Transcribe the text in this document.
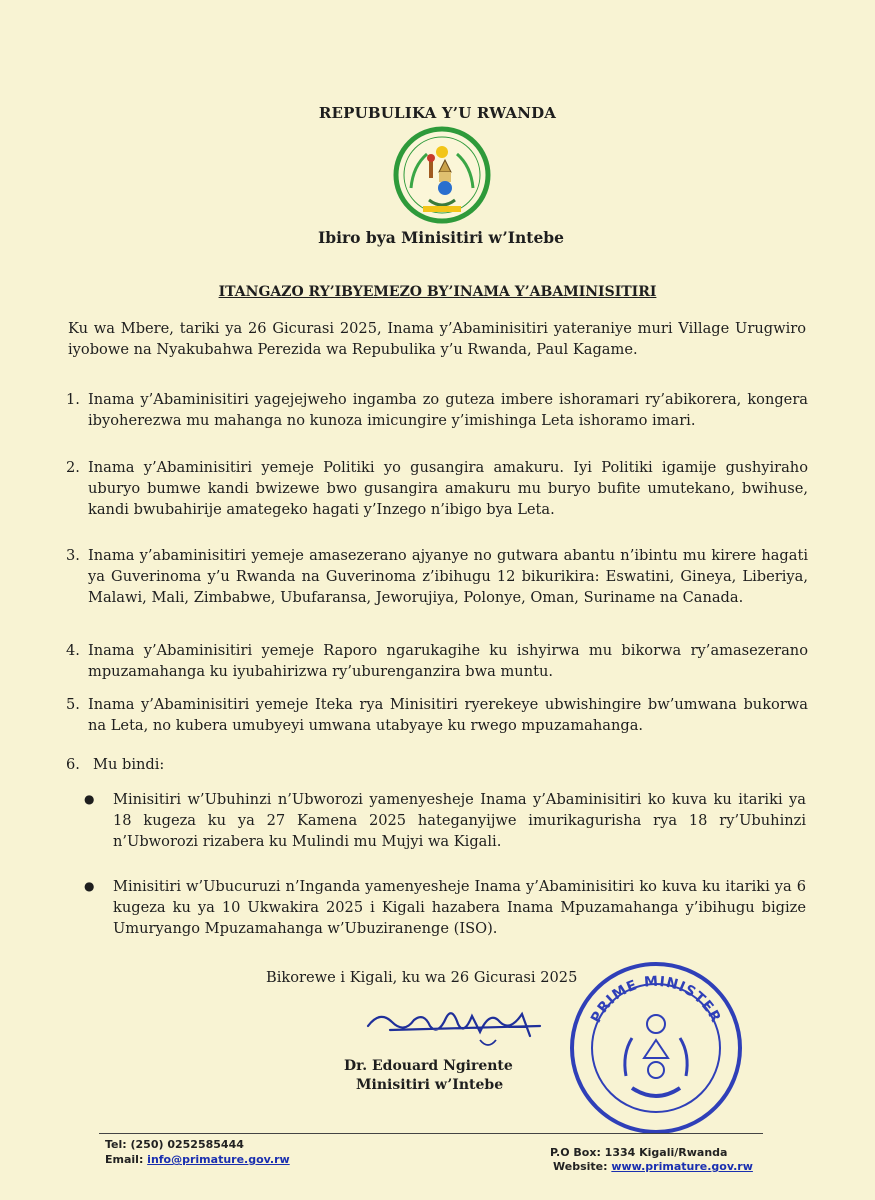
REPUBULIKA Y’U RWANDA
Ibiro bya Minisitiri w’Intebe
ITANGAZO RY’IBYEMEZO BY’INAMA Y’ABAMINISITIRI
Ku wa Mbere, tariki ya 26 Gicurasi 2025, Inama y’Abaminisitiri yateraniye muri Village Urugwiro iyobowe na Nyakubahwa Perezida wa Repubulika y’u Rwanda, Paul Kagame.
1. Inama y’Abaminisitiri yagejejweho ingamba zo guteza imbere ishoramari ry’abikorera, kongera ibyoherezwa mu mahanga no kunoza imicungire y’imishinga Leta ishoramo imari.
2. Inama y’Abaminisitiri yemeje Politiki yo gusangira amakuru. Iyi Politiki igamije gushyiraho uburyo bumwe kandi bwizewe bwo gusangira amakuru mu buryo bufite umutekano, bwihuse, kandi bwubahirije amategeko hagati y’Inzego n’ibigo bya Leta.
3. Inama y’abaminisitiri yemeje amasezerano ajyanye no gutwara abantu n’ibintu mu kirere hagati ya Guverinoma y’u Rwanda na Guverinoma z’ibihugu 12 bikurikira: Eswatini, Gineya, Liberiya, Malawi, Mali, Zimbabwe, Ubufaransa, Jeworujiya, Polonye, Oman, Suriname na Canada.
4. Inama y’Abaminisitiri yemeje Raporo ngarukagihe ku ishyirwa mu bikorwa ry’amasezerano mpuzamahanga ku iyubahirizwa ry’uburenganzira bwa muntu.
5. Inama y’Abaminisitiri yemeje Iteka rya Minisitiri ryerekeye ubwishingire bw’umwana bukorwa na Leta, no kubera umubyeyi umwana utabyaye ku rwego mpuzamahanga.
6. Mu bindi:
● Minisitiri w’Ubuhinzi n’Ubworozi yamenyesheje Inama y’Abaminisitiri ko kuva ku itariki ya 18 kugeza ku ya 27 Kamena 2025 hateganyijwe imurikagurisha rya 18 ry’Ubuhinzi n’Ubworozi rizabera ku Mulindi mu Mujyi wa Kigali.
● Minisitiri w’Ubucuruzi n’Inganda yamenyesheje Inama y’Abaminisitiri ko kuva ku itariki ya 6 kugeza ku ya 10 Ukwakira 2025 i Kigali hazabera Inama Mpuzamahanga y’ibihugu bigize Umuryango Mpuzamahanga w’Ubuziranenge (ISO).
Bikorewe i Kigali, ku wa 26 Gicurasi 2025
Dr. Edouard Ngirente
Minisitiri w’Intebe
PRIME MINISTER
Tel: (250) 0252585444
Email: info@primature.gov.rw
P.O Box: 1334 Kigali/Rwanda
Website: www.primature.gov.rw
